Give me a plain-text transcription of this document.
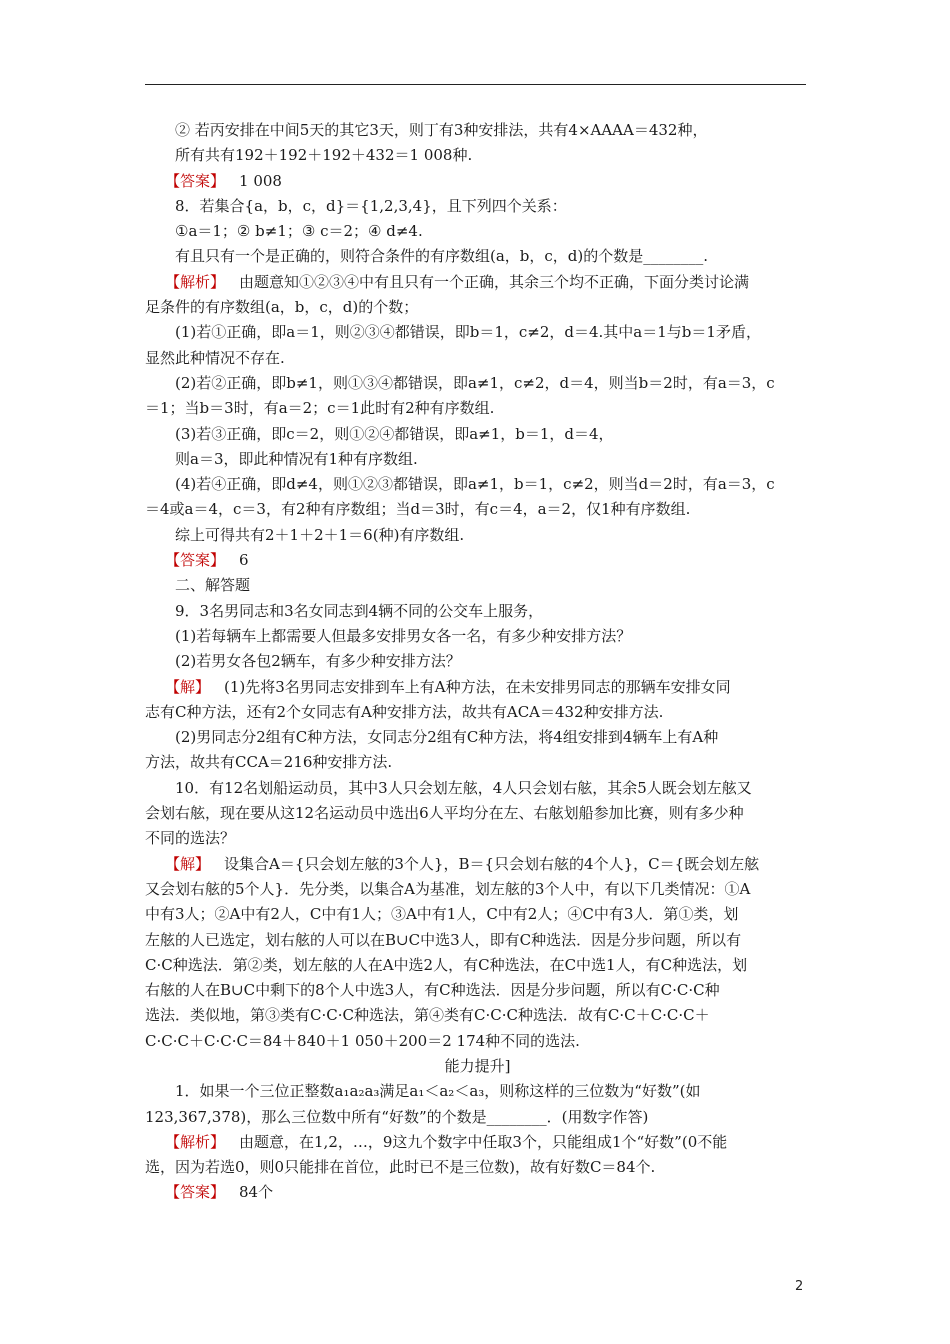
② 若丙安排在中间5天的其它3天，则丁有3种安排法，共有4×AAAA＝432种，
所有共有192＋192＋192＋432＝1 008种.
【答案】 1 008
8．若集合{a，b，c，d}＝{1,2,3,4}，且下列四个关系：
①a＝1；② b≠1；③ c＝2；④ d≠4.
有且只有一个是正确的，则符合条件的有序数组(a，b，c，d)的个数是________.
【解析】 由题意知①②③④中有且只有一个正确，其余三个均不正确，下面分类讨论满
足条件的有序数组(a，b，c，d)的个数；
(1)若①正确，即a＝1，则②③④都错误，即b＝1，c≠2，d＝4.其中a＝1与b＝1矛盾，
显然此种情况不存在.
(2)若②正确，即b≠1，则①③④都错误，即a≠1，c≠2，d＝4，则当b＝2时，有a＝3，c
＝1；当b＝3时，有a＝2；c＝1此时有2种有序数组.
(3)若③正确，即c＝2，则①②④都错误，即a≠1，b＝1，d＝4，
则a＝3，即此种情况有1种有序数组.
(4)若④正确，即d≠4，则①②③都错误，即a≠1，b＝1，c≠2，则当d＝2时，有a＝3，c
＝4或a＝4，c＝3，有2种有序数组；当d＝3时，有c＝4，a＝2，仅1种有序数组.
综上可得共有2＋1＋2＋1＝6(种)有序数组.
【答案】 6
二、解答题
9．3名男同志和3名女同志到4辆不同的公交车上服务，
(1)若每辆车上都需要人但最多安排男女各一名，有多少种安排方法？
(2)若男女各包2辆车，有多少种安排方法？
【解】 (1)先将3名男同志安排到车上有A种方法，在未安排男同志的那辆车安排女同
志有C种方法，还有2个女同志有A种安排方法，故共有ACA＝432种安排方法.
(2)男同志分2组有C种方法，女同志分2组有C种方法，将4组安排到4辆车上有A种
方法，故共有CCA＝216种安排方法.
10．有12名划船运动员，其中3人只会划左舷，4人只会划右舷，其余5人既会划左舷又
会划右舷，现在要从这12名运动员中选出6人平均分在左、右舷划船参加比赛，则有多少种
不同的选法？
【解】 设集合A＝{只会划左舷的3个人}，B＝{只会划右舷的4个人}，C＝{既会划左舷
又会划右舷的5个人}．先分类，以集合A为基准，划左舷的3个人中，有以下几类情况：①A
中有3人；②A中有2人，C中有1人；③A中有1人，C中有2人；④C中有3人．第①类，划
左舷的人已选定，划右舷的人可以在B∪C中选3人，即有C种选法．因是分步问题，所以有
C·C种选法．第②类，划左舷的人在A中选2人，有C种选法，在C中选1人，有C种选法，划
右舷的人在B∪C中剩下的8个人中选3人，有C种选法．因是分步问题，所以有C·C·C种
选法．类似地，第③类有C·C·C种选法，第④类有C·C·C种选法．故有C·C＋C·C·C＋
C·C·C＋C·C·C＝84＋840＋1 050＋200＝2 174种不同的选法.
能力提升]
1．如果一个三位正整数a₁a₂a₃满足a₁＜a₂＜a₃，则称这样的三位数为“好数”(如
123,367,378)，那么三位数中所有“好数”的个数是________．(用数字作答)
【解析】 由题意，在1,2，…，9这九个数字中任取3个，只能组成1个“好数”(0不能
选，因为若选0，则0只能排在首位，此时已不是三位数)，故有好数C＝84个.
【答案】 84个
2
